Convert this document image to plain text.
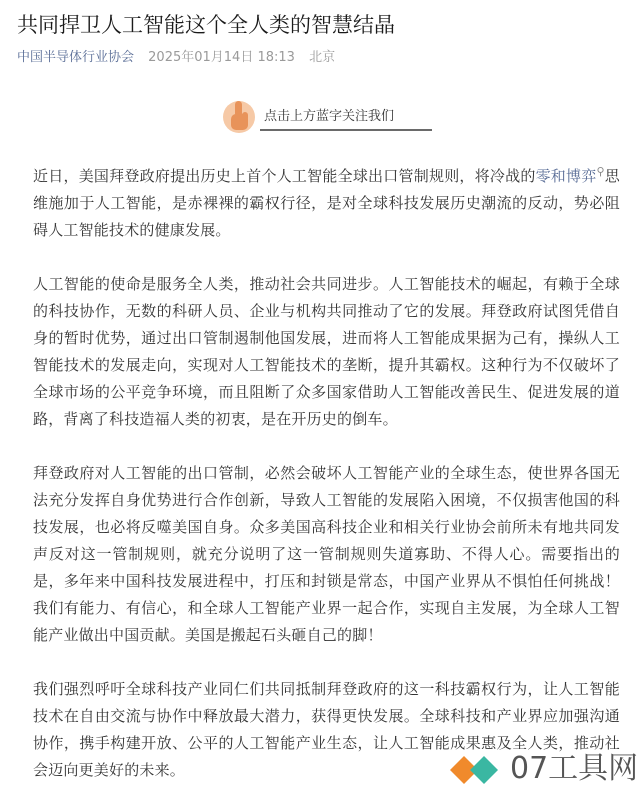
共同捍卫人工智能这个全人类的智慧结晶
中国半导体行业协会 2025年01月14日 18:13 北京
点击上方蓝字关注我们

近日，美国拜登政府提出历史上首个人工智能全球出口管制规则，将冷战的零和博弈⚲思维施加于人工智能，是赤裸裸的霸权行径，是对全球科技发展历史潮流的反动，势必阻碍人工智能技术的健康发展。

人工智能的使命是服务全人类，推动社会共同进步。人工智能技术的崛起，有赖于全球的科技协作，无数的科研人员、企业与机构共同推动了它的发展。拜登政府试图凭借自身的暂时优势，通过出口管制遏制他国发展，进而将人工智能成果据为己有，操纵人工智能技术的发展走向，实现对人工智能技术的垄断，提升其霸权。这种行为不仅破坏了全球市场的公平竞争环境，而且阻断了众多国家借助人工智能改善民生、促进发展的道路，背离了科技造福人类的初衷，是在开历史的倒车。

拜登政府对人工智能的出口管制，必然会破坏人工智能产业的全球生态，使世界各国无法充分发挥自身优势进行合作创新，导致人工智能的发展陷入困境，不仅损害他国的科技发展，也必将反噬美国自身。众多美国高科技企业和相关行业协会前所未有地共同发声反对这一管制规则，就充分说明了这一管制规则失道寡助、不得人心。需要指出的是，多年来中国科技发展进程中，打压和封锁是常态，中国产业界从不惧怕任何挑战！我们有能力、有信心，和全球人工智能产业界一起合作，实现自主发展，为全球人工智能产业做出中国贡献。美国是搬起石头砸自己的脚！

我们强烈呼吁全球科技产业同仁们共同抵制拜登政府的这一科技霸权行为，让人工智能技术在自由交流与协作中释放最大潜力，获得更快发展。全球科技和产业界应加强沟通协作，携手构建开放、公平的人工智能产业生态，让人工智能成果惠及全人类，推动社会迈向更美好的未来。	07工具网
